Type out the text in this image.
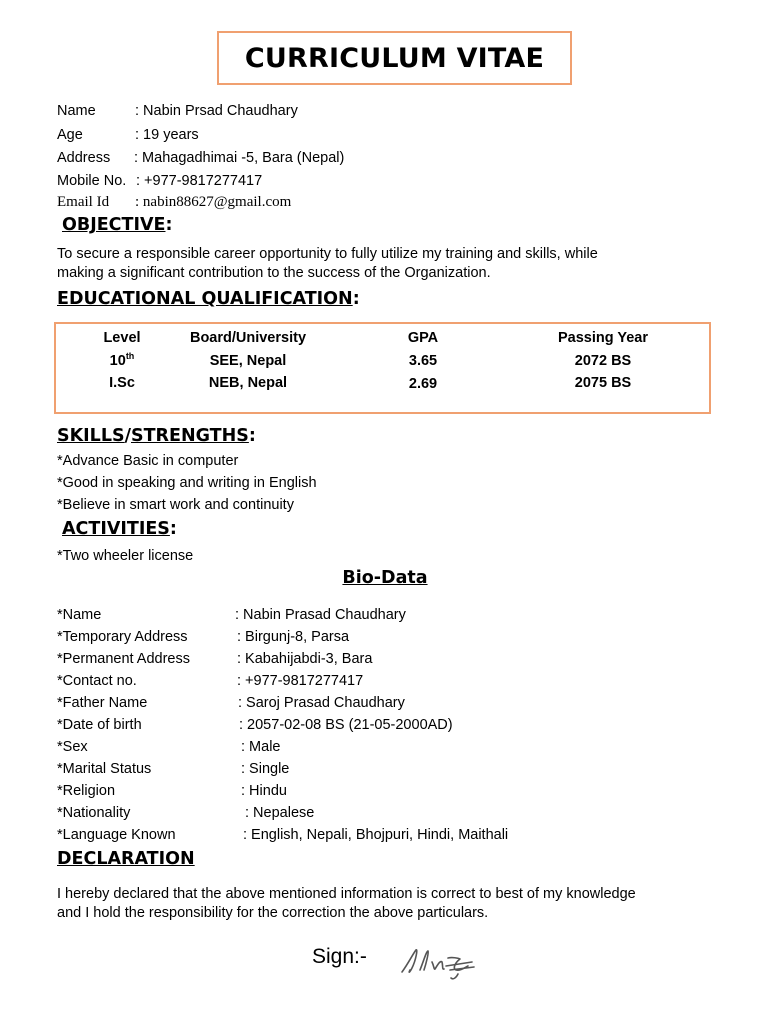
CURRICULUM VITAE
Name	: Nabin Prsad Chaudhary
Age	: 19 years
Address : Mahagadhimai -5, Bara (Nepal)
Mobile No. : +977-9817277417
Email Id : nabin88627@gmail.com
OBJECTIVE:
To secure a responsible career opportunity to fully utilize my training and skills, while
making a significant contribution to the success of the Organization.
EDUCATIONAL QUALIFICATION:
Level	Board/University	GPA	Passing Year
10th	SEE, Nepal	3.65	2072 BS
I.Sc	NEB, Nepal	2.69	2075 BS
SKILLS/STRENGTHS:
*Advance Basic in computer
*Good in speaking and writing in English
*Believe in smart work and continuity
ACTIVITIES:
*Two wheeler license
Bio-Data
*Name	: Nabin Prasad Chaudhary
*Temporary Address	: Birgunj-8, Parsa
*Permanent Address	: Kabahijabdi-3, Bara
*Contact no.	: +977-9817277417
*Father Name	: Saroj Prasad Chaudhary
*Date of birth	: 2057-02-08 BS (21-05-2000AD)
*Sex	: Male
*Marital Status	: Single
*Religion	: Hindu
*Nationality	: Nepalese
*Language Known	: English, Nepali, Bhojpuri, Hindi, Maithali
DECLARATION
I hereby declared that the above mentioned information is correct to best of my knowledge
and I hold the responsibility for the correction the above particulars.
Sign:-
